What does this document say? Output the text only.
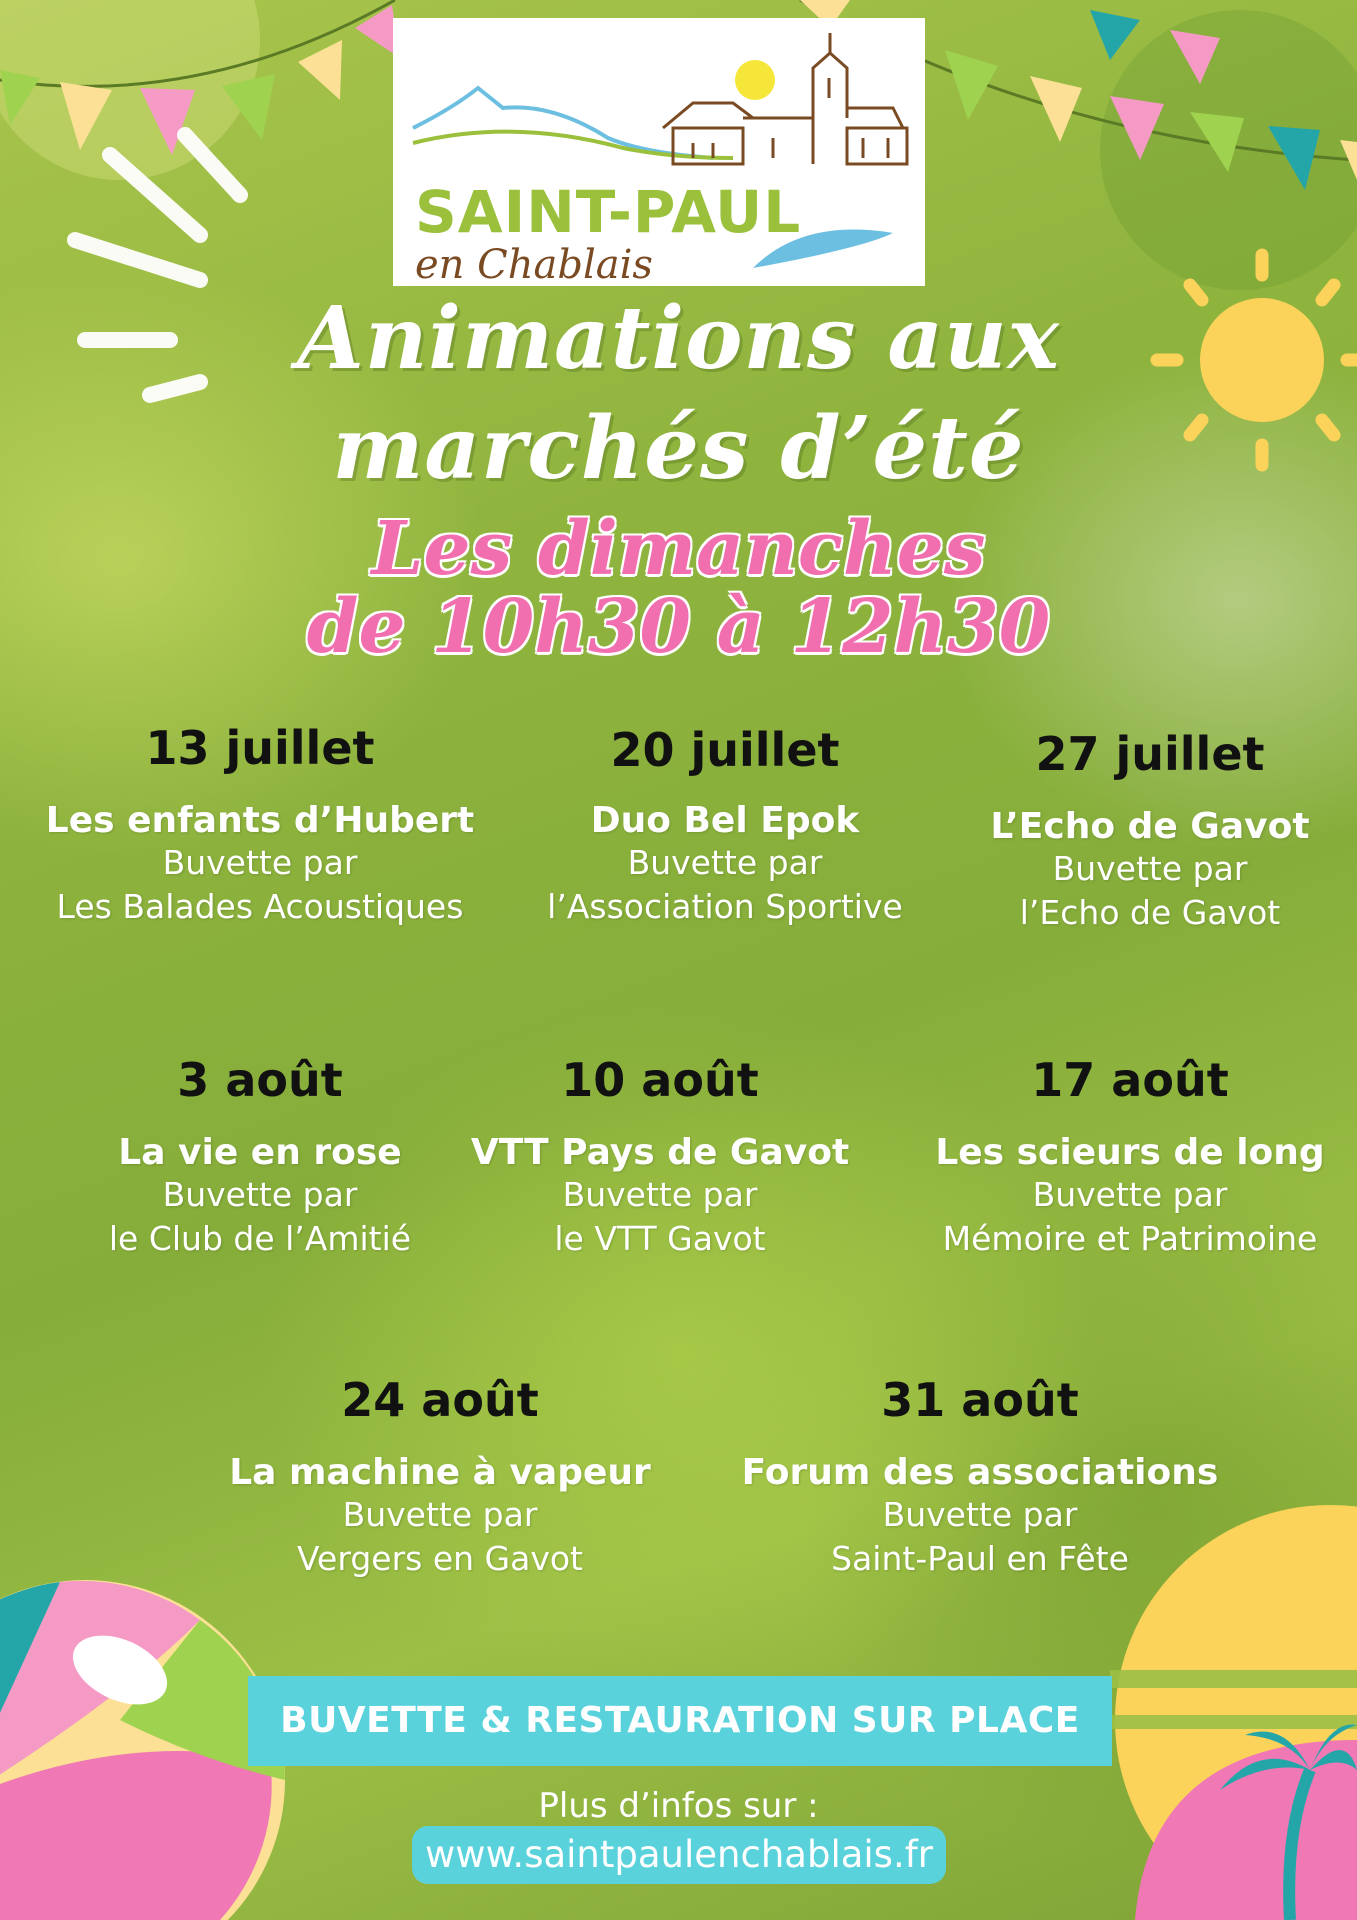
SAINT-PAUL
en Chablais
Animations aux
marchés d’été
Les dimanches
de 10h30 à 12h30
13 juillet
Les enfants d’Hubert
Buvette par
Les Balades Acoustiques
20 juillet
Duo Bel Epok
Buvette par
l’Association Sportive
27 juillet
L’Echo de Gavot
Buvette par
l’Echo de Gavot
3 août
La vie en rose
Buvette par
le Club de l’Amitié
10 août
VTT Pays de Gavot
Buvette par
le VTT Gavot
17 août
Les scieurs de long
Buvette par
Mémoire et Patrimoine
24 août
La machine à vapeur
Buvette par
Vergers en Gavot
31 août
Forum des associations
Buvette par
Saint-Paul en Fête
BUVETTE & RESTAURATION SUR PLACE
Plus d’infos sur :
www.saintpaulenchablais.fr
